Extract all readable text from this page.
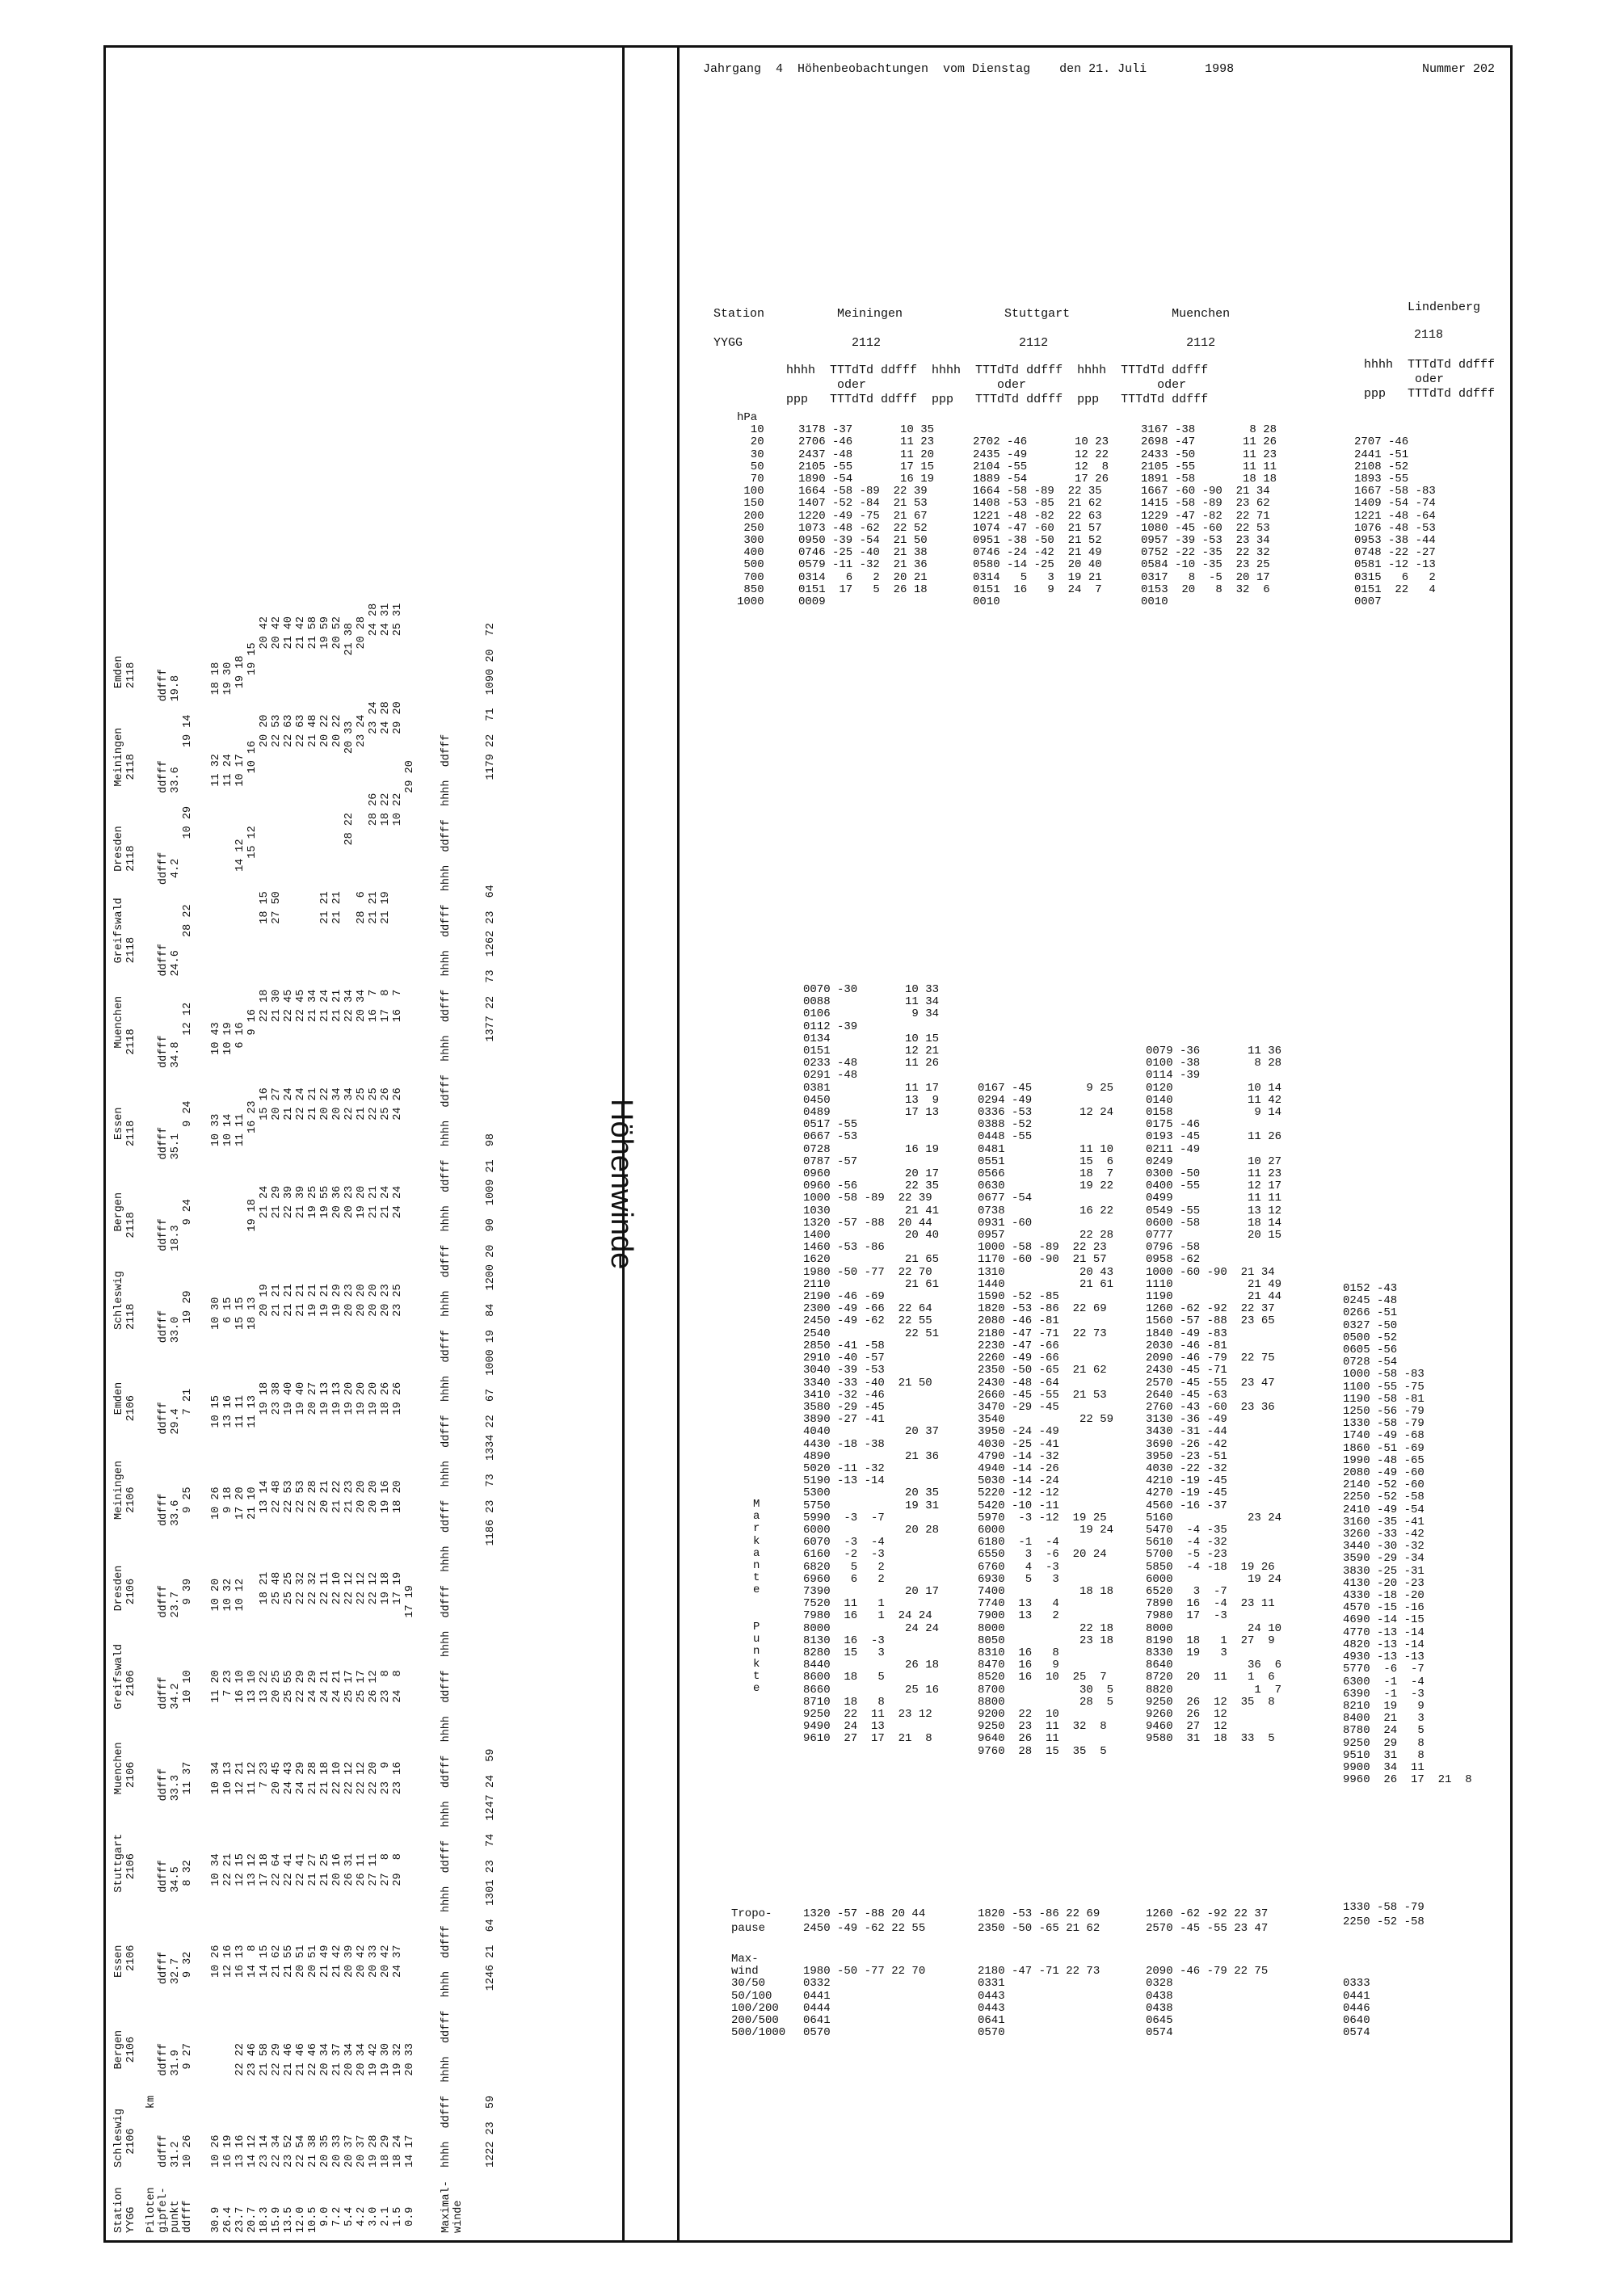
Höhenwinde
Jahrgang  4  Höhenbeobachtungen  vom Dienstag    den 21. Juli        1998	Nummer 202
Station          Meiningen              Stuttgart              Muenchen	Lindenberg
YYGG               2112                   2112                   2112
2118
hhhh  TTTdTd ddfff  hhhh  TTTdTd ddfff  hhhh  TTTdTd ddfff
oder                  oder                  oder
ppp   TTTdTd ddfff  ppp   TTTdTd ddfff  ppp   TTTdTd ddfff
hhhh  TTTdTd ddfff
oder
ppp   TTTdTd ddfff
hPa
10
20
30
50
70
100
150
200
250
300
400
500
700
850
1000

3178 -37       10 35
2706 -46       11 23
2437 -48       11 20
2105 -55       17 15
1890 -54       16 19
1664 -58 -89  22 39
1407 -52 -84  21 53
1220 -49 -75  21 67
1073 -48 -62  22 52
0950 -39 -54  21 50
0746 -25 -40  21 38
0579 -11 -32  21 36
0314   6   2  20 21
0151  17   5  26 18
0009

2702 -46       10 23
2435 -49       12 22
2104 -55       12  8
1889 -54       17 26
1664 -58 -89  22 35
1408 -53 -85  21 62
1221 -48 -82  22 63
1074 -47 -60  21 57
0951 -38 -50  21 52
0746 -24 -42  21 49
0580 -14 -25  20 40
0314   5   3  19 21
0151  16   9  24  7
0010

3167 -38        8 28
2698 -47       11 26
2433 -50       11 23
2105 -55       11 11
1891 -58       18 18
1667 -60 -90  21 34
1415 -58 -89  23 62
1229 -47 -82  22 71
1080 -45 -60  22 53
0957 -39 -53  23 34
0752 -22 -35  22 32
0584 -10 -35  23 25
0317   8  -5  20 17
0153  20   8  32  6
0010

2707 -46
2441 -51
2108 -52
1893 -55
1667 -58 -83
1409 -54 -74
1221 -48 -64
1076 -48 -53
0953 -38 -44
0748 -22 -27
0581 -12 -13
0315   6   2
0151  22   4
0007
M
a
r
k
a
n
t
e

P
u
n
k
t
e
0070 -30       10 33
0088           11 34
0106            9 34
0112 -39
0134           10 15
0151           12 21
0233 -48       11 26
0291 -48
0381           11 17
0450           13  9
0489           17 13
0517 -55
0667 -53
0728           16 19
0787 -57
0960           20 17
0960 -56       22 35
1000 -58 -89  22 39
1030           21 41
1320 -57 -88  20 44
1400           20 40
1460 -53 -86
1620           21 65
1980 -50 -77  22 70
2110           21 61
2190 -46 -69
2300 -49 -66  22 64
2450 -49 -62  22 55
2540           22 51
2850 -41 -58
2910 -40 -57
3040 -39 -53
3340 -33 -40  21 50
3410 -32 -46
3580 -29 -45
3890 -27 -41
4040           20 37
4430 -18 -38
4890           21 36
5020 -11 -32
5190 -13 -14
5300           20 35
5750           19 31
5990  -3  -7
6000           20 28
6070  -3  -4
6160  -2  -3
6820   5   2
6960   6   2
7390           20 17
7520  11   1
7980  16   1  24 24
8000           24 24
8130  16  -3
8280  15   3
8440           26 18
8600  18   5
8660           25 16
8710  18   8
9250  22  11  23 12
9490  24  13
9610  27  17  21  8

0167 -45        9 25
0294 -49
0336 -53       12 24
0388 -52
0448 -55
0481           11 10
0551           15  6
0566           18  7
0630           19 22
0677 -54
0738           16 22
0931 -60
0957           22 28
1000 -58 -89  22 23
1170 -60 -90  21 57
1310           20 43
1440           21 61
1590 -52 -85
1820 -53 -86  22 69
2080 -46 -81
2180 -47 -71  22 73
2230 -47 -66
2260 -49 -66
2350 -50 -65  21 62
2430 -48 -64
2660 -45 -55  21 53
3470 -29 -45
3540           22 59
3950 -24 -49
4030 -25 -41
4790 -14 -32
4940 -14 -26
5030 -14 -24
5220 -12 -12
5420 -10 -11
5970  -3 -12  19 25
6000           19 24
6180  -1  -4
6550   3  -6  20 24
6760   4  -3
6930   5   3
7400           18 18
7740  13   4
7900  13   2
8000           22 18
8050           23 18
8310  16   8
8470  16   9
8520  16  10  25  7
8700           30  5
8800           28  5
9200  22  10
9250  23  11  32  8
9640  26  11
9760  28  15  35  5

0079 -36       11 36
0100 -38        8 28
0114 -39
0120           10 14
0140           11 42
0158            9 14
0175 -46
0193 -45       11 26
0211 -49
0249           10 27
0300 -50       11 23
0400 -55       12 17
0499           11 11
0549 -55       13 12
0600 -58       18 14
0777           20 15
0796 -58
0958 -62
1000 -60 -90  21 34
1110           21 49
1190           21 44
1260 -62 -92  22 37
1560 -57 -88  23 65
1840 -49 -83
2030 -46 -81
2090 -46 -79  22 75
2430 -45 -71
2570 -45 -55  23 47
2640 -45 -63
2760 -43 -60  23 36
3130 -36 -49
3430 -31 -44
3690 -26 -42
3950 -23 -51
4030 -22 -32
4210 -19 -45
4270 -19 -45
4560 -16 -37
5160           23 24
5470  -4 -35
5610  -4 -32
5700  -5 -23
5850  -4 -18  19 26
6000           19 24
6520   3  -7
7890  16  -4  23 11
7980  17  -3
8000           24 10
8190  18   1  27  9
8330  19   3
8640           36  6
8720  20  11   1  6
8820            1  7
9250  26  12  35  8
9260  26  12
9460  27  12
9580  31  18  33  5
0152 -43
0245 -48
0266 -51
0327 -50
0500 -52
0605 -56
0728 -54
1000 -58 -83
1100 -55 -75
1190 -58 -81
1250 -56 -79
1330 -58 -79
1740 -49 -68
1860 -51 -69
1990 -48 -65
2080 -49 -60
2140 -52 -60
2250 -52 -58
2410 -49 -54
3160 -35 -41
3260 -33 -42
3440 -30 -32
3590 -29 -34
3830 -25 -31
4130 -20 -23
4330 -18 -20
4570 -15 -16
4690 -14 -15
4770 -13 -14
4820 -13 -14
4930 -13 -13
5770  -6  -7
6300  -1  -4
6390  -1  -3
8210  19   9
8400  21   3
8780  24   5
9250  29   8
9510  31   8
9900  34  11
9960  26  17  21  8
Tropo-
pause
1320 -57 -88 20 44
2450 -49 -62 22 55
1820 -53 -86 22 69
2350 -50 -65 21 62
1260 -62 -92 22 37
2570 -45 -55 23 47
1330 -58 -79
2250 -52 -58
Max-
wind
30/50
50/100
100/200
200/500
500/1000

1980 -50 -77 22 70
0332
0441
0444
0641
0570

2180 -47 -71 22 73
0331
0443
0443
0641
0570

2090 -46 -79 22 75
0328
0438
0438
0645
0574

0333
0441
0446
0640
0574

Station   Schleswig      Bergen        Essen        Stuttgart      Muenchen     Greifswald     Dresden       Meiningen       Emden        Schleswig      Bergen        Essen         Muenchen     Greifswald    Dresden      Meiningen      Emden

YYGG        2106          2106          2106          2106          2106          2106          2106          2106          2106          2118          2118          2118          2118          2118          2118          2118          2118

Piloten            km

gipfel-   ddfff         ddfff         ddfff         ddfff         ddfff         ddfff         ddfff         ddfff         ddfff         ddfff         ddfff         ddfff         ddfff         ddfff         ddfff         ddfff         ddfff

punkt     31.2          31.9          32.7          34.5          33.3          34.2          23.7          33.6          29.4          33.0          18.3          35.1          34.8          24.6           4.2          33.6          19.8

ddfff     10 26          9 27          9 32          8 32          11 37         10 10          9 39          9 25           7 21          19 29          9 24           9 24          12 12          28 22          10 29         19 14

30.9      10 26                        10 26         10 34         10 34         11 20         10 20         10 26         10 15          10 30                       10 33         10 43                                    11 32         18 18

26.4      16 19                        12 16         22 21         10 13          7 23         10 32          9 18         13 16           6 15                       10 14         10 19                                    11 24         19 30

23.7      13 16         22 22          16 13         12 15         12 21         16 10         10 12         17 20         11 11          15 15                       11 11          6 16                       14 12        10 17          19 18

20.7      14 12         23 46          14  8         13 12         11 12         13 10                       21 10         11 13          18 13          19 18          16 23          9 16                       15 12        10 16          19 15

18.3      23 14         21 58          14 15         17 18          7 23         13 22          18 21         13 14          19 18          20 19          21 24          15 16          22 18          18 15                      20 20          20 42

15.9      22 34         22 29          21 62         22 64         20 45         20 25          25 48         22 48          23 38          21 21          21 29          20 27          21 30          27 50                      22 53          20 42

13.5      23 52         21 46          21 55         22 41         24 43         25 55          25 25         22 53          19 40          21 21          22 39          21 24          22 45                                     22 63          21 40

12.0      22 54         21 46          20 51         22 41         24 29         22 29          22 32         22 53          19 40          21 21          21 39          22 24          22 45                                     22 63          21 42

10.5      21 38         22 46          20 51         21 27         21 28         24 29          22 32         22 28          20 27          19 21          19 25          21 21          21 34                                     21 48          21 58

9.0      20 35         20 34          21 49         21 25         21 18         24 21          22 11         20 21          19 13          19 21          19 55          20 22          21 24          21 21                      20 22          19 59

7.2      20 33         21 37          21 42         20 16         22 10         24 21          22 10         21 22          19 13          19 29          20 36          20 34          21 21          21 21                      20 22          20 52

5.4      20 37         20 34          20 39         26 31         22 12         25 17          22 12         21 23          19 20          20 23          20 23          22 34          22 34                      28 22         20 33          21 38

4.2      20 37         20 34          20 42         26 11         22 12         25 17          22 12         20 20          19 20          20 20          19 20          21 25          20 34          28  6                      23 24          20 28

3.0      19 28         19 42          20 33         27 11         22 20         26 12          22 12         20 20          19 20          20 20          21 21          22 25          16  7          21 21          28 26         23 24          24 28

2.1      18 29         19 30          20 42         27  8         23  9         23  8          19 18         19 16          18 26          20 23          21 24          25 26          17  8          21 19          18 22         24 28          24 31

1.5      18 24         19 32          24 37         29  8         23 16         24  8          17 19         18 20          19 26          23 25          24 24          24 26          16  7                         10 22         29 20          25 31

0.9      14 17         20 33                                                                 17 19                                                                                                                         29 20

Maximal-  hhhh  ddfff  hhhh  ddfff  hhhh  ddfff  hhhh  ddfff  hhhh  ddfff  hhhh  ddfff  hhhh  ddfff  hhhh  ddfff  hhhh  ddfff  hhhh  ddfff  hhhh  ddfff  hhhh  ddfff  hhhh  ddfff  hhhh  ddfff  hhhh  ddfff  hhhh  ddfff  hhhh  ddfff

winde

1222 23  59                1246 21  64  1301 23  74  1247 24  59                               1186 23  73  1334 22  67  1000 19  84  1200 20  90  1009 21  98              1377 22  73  1262 23  64                1179 22  71  1090 20  72
